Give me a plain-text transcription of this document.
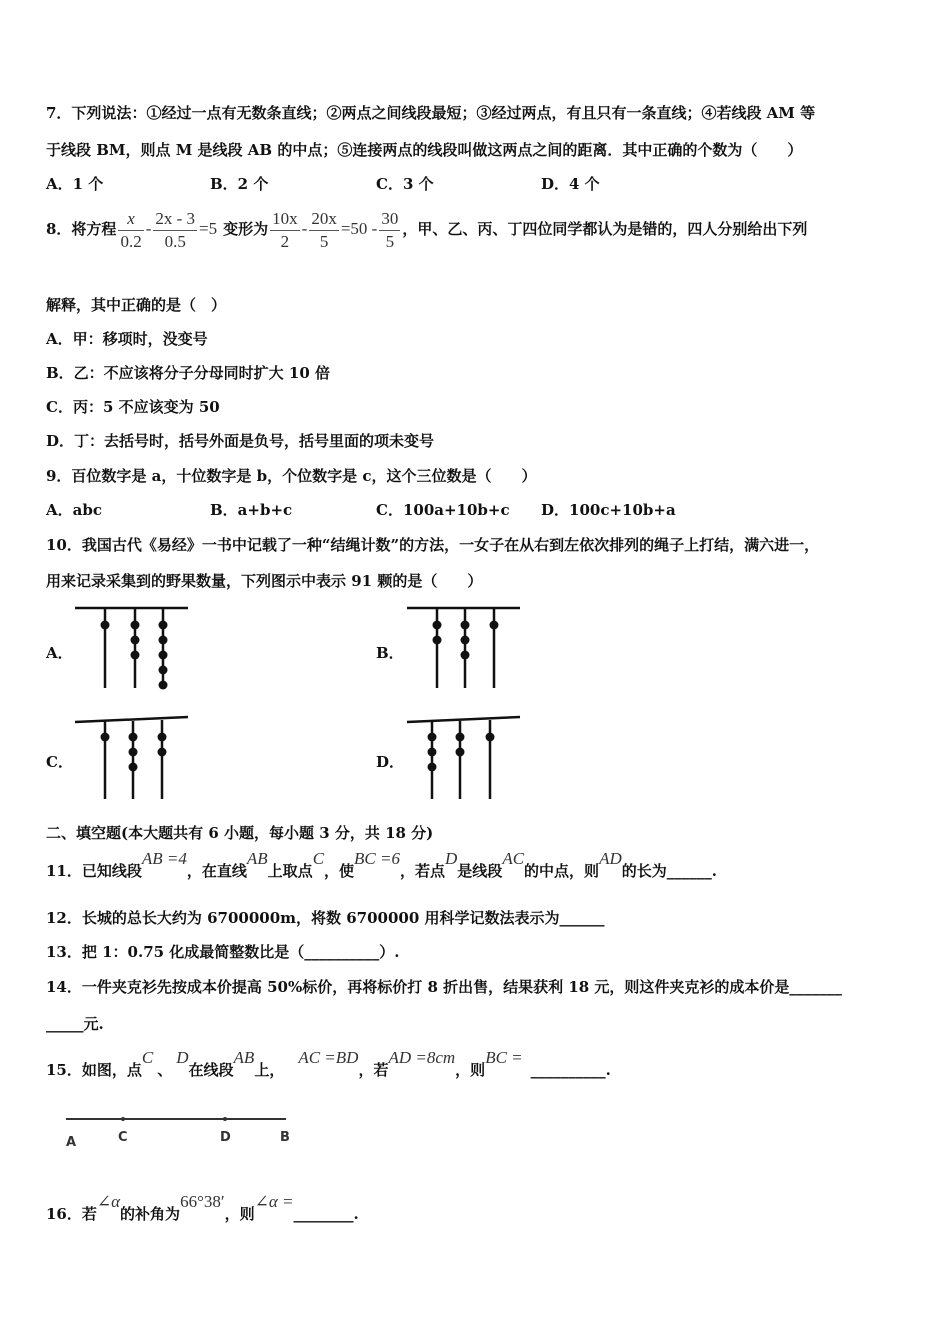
7．下列说法：①经过一点有无数条直线；②两点之间线段最短；③经过两点，有且只有一条直线；④若线段 AM 等
于线段 BM，则点 M 是线段 AB 的中点；⑤连接两点的线段叫做这两点之间的距离．其中正确的个数为（　　）
A．1 个	B．2 个	C．3 个	D．4 个
8．将方程 $\frac{x}{0.2} - \frac{2x - 3}{0.5} =5$ 变形为 $\frac{10x}{2} - \frac{20x}{5} =50 - \frac{30}{5}$ ，甲、乙、丙、丁四位同学都认为是错的，四人分别给出下列
解释，其中正确的是（　）
A．甲：移项时，没变号
B．乙：不应该将分子分母同时扩大 10 倍
C．丙：5 不应该变为 50
D．丁：去括号时，括号外面是负号，括号里面的项未变号
9．百位数字是 a，十位数字是 b，个位数字是 c，这个三位数是（　　）
A．abc	B．a+b+c	C．100a+10b+c D．100c+10b+a
10．我国古代《易经》一书中记载了一种“结绳计数”的方法，一女子在从右到左依次排列的绳子上打结，满六进一，
用来记录采集到的野果数量，下列图示中表示 91 颗的是（　　）
A．	B．
C．	D．
二、填空题(本大题共有 6 小题，每小题 3 分，共 18 分)
11．已知线段AB =4，在直线AB上取点C，使BC =6，若点D是线段AC的中点，则AD的长为______.
12．长城的总长大约为 6700000m，将数 6700000 用科学记数法表示为______
13．把 1：0.75 化成最简整数比是（__________）.
14．一件夹克衫先按成本价提高 50%标价，再将标价打 8 折出售，结果获利 18 元，则这件夹克衫的成本价是_______
_____元.
15．如图，点C、D在线段AB上，AC =BD，若AD =8cm，则BC =__________.
A	C	D	B
16．若∠α的补角为66°38′，则∠α =________.
